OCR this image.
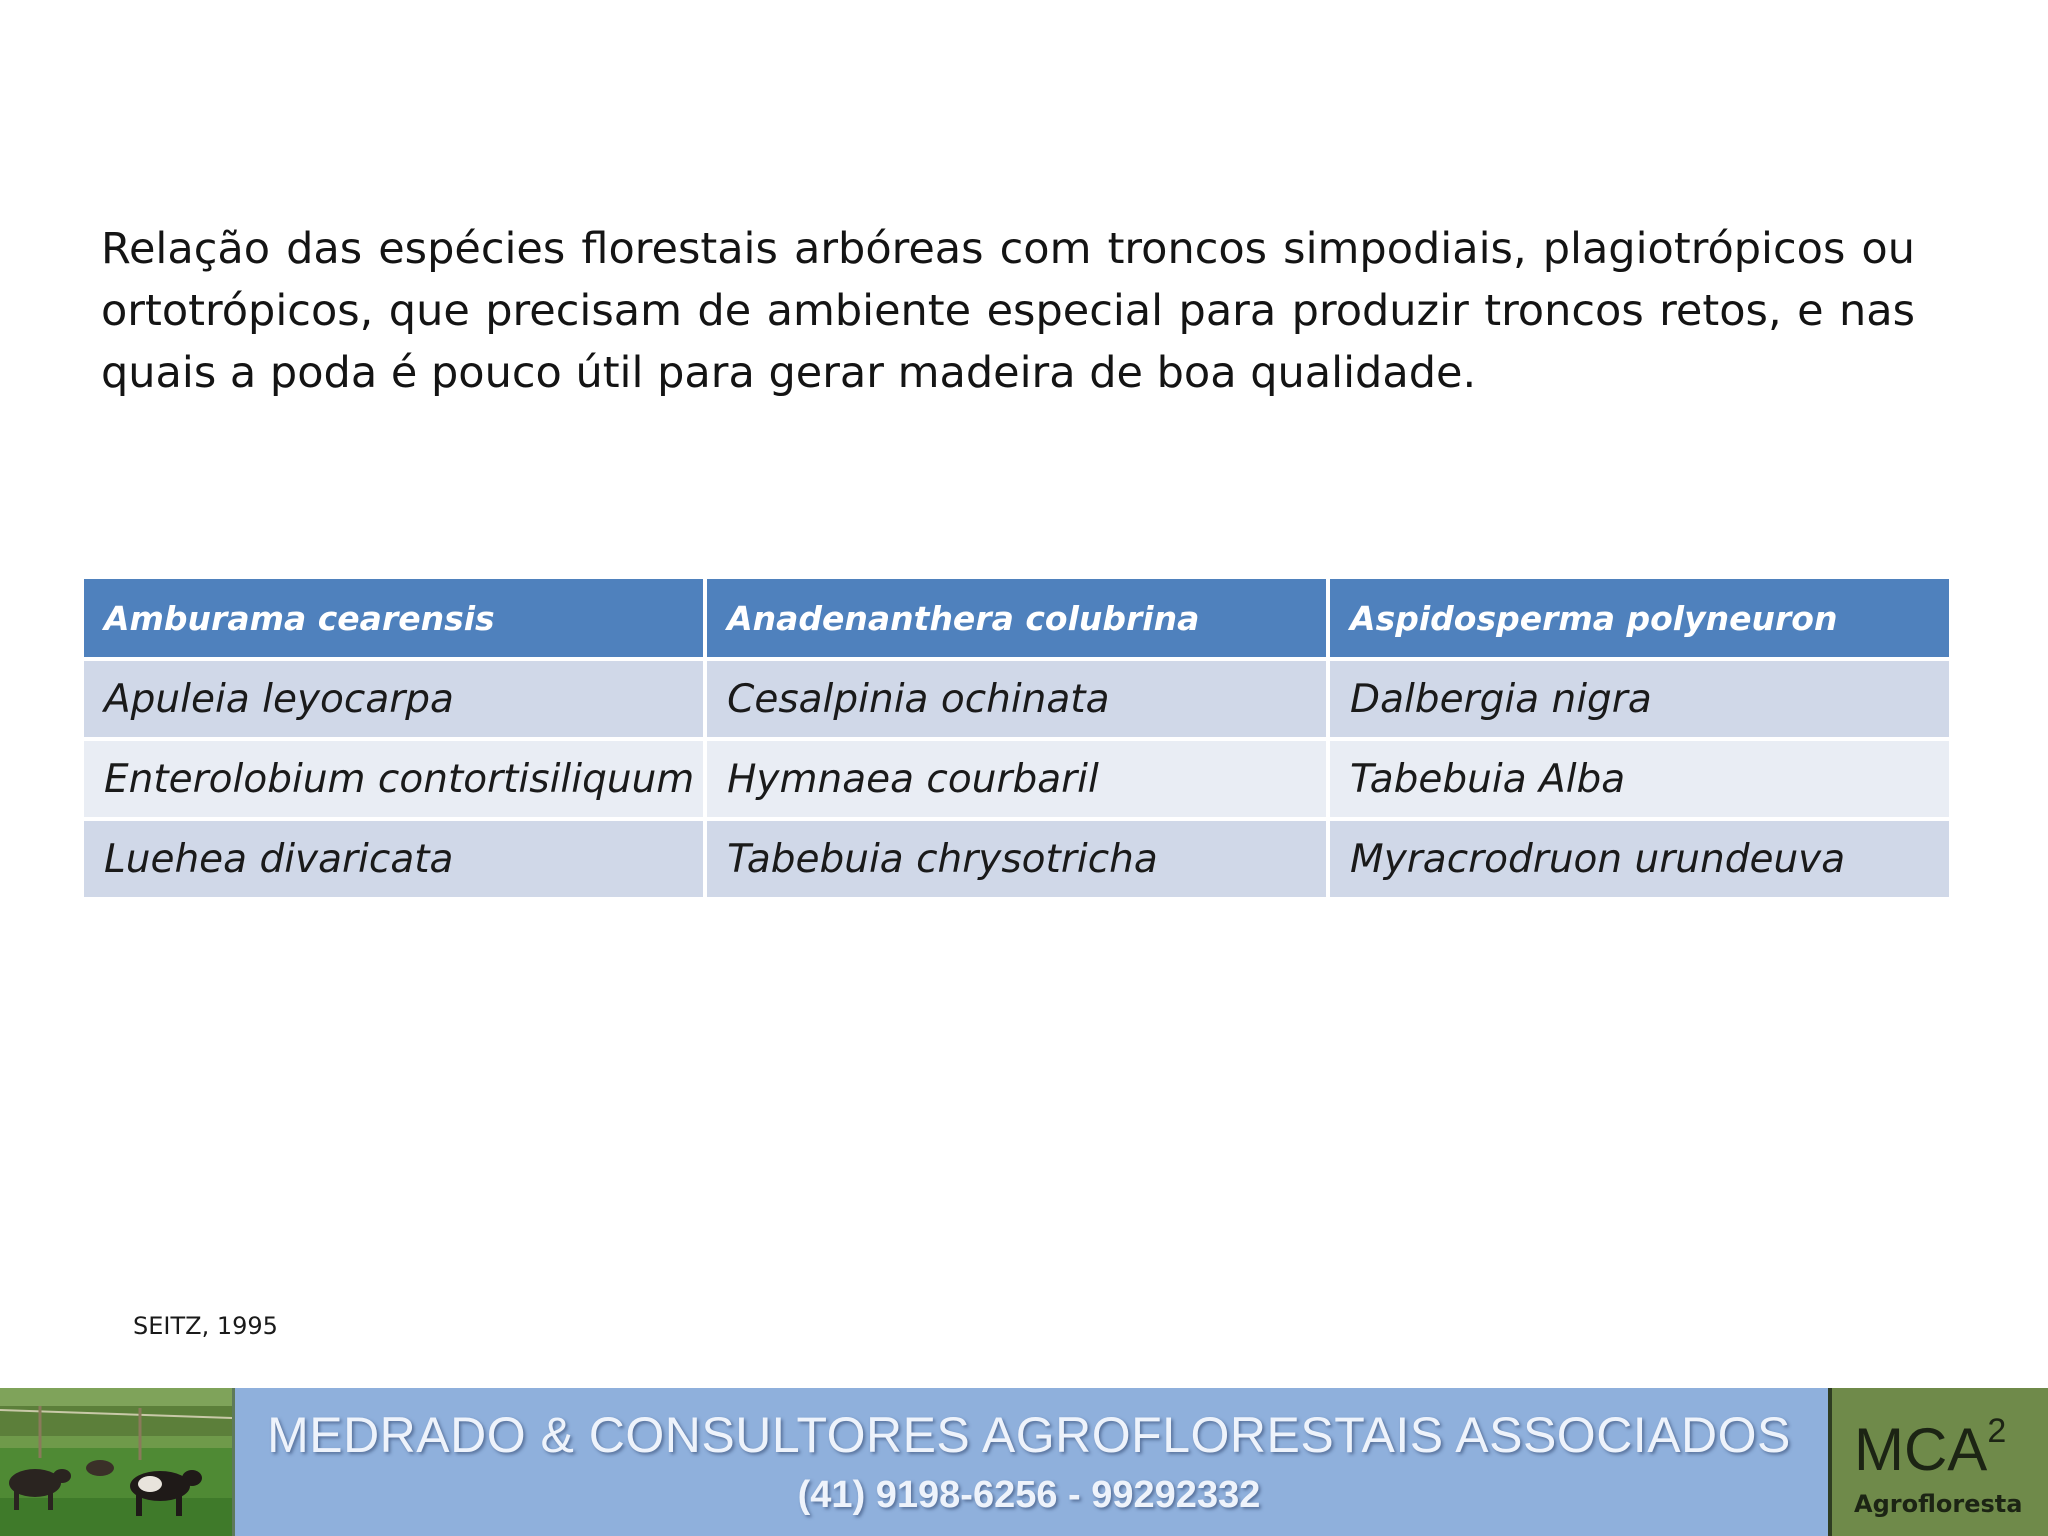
Relação das espécies florestais arbóreas com troncos simpodiais, plagiotrópicos ou ortotrópicos, que precisam de ambiente especial para produzir troncos retos, e nas quais a poda é pouco útil para gerar madeira de boa qualidade.

Amburama cearensis	Anadenanthera colubrina	Aspidosperma polyneuron
Apuleia leyocarpa	Cesalpinia ochinata	Dalbergia nigra
Enterolobium contortisiliquum	Hymnaea courbaril	Tabebuia Alba
Luehea divaricata	Tabebuia chrysotricha	Myracrodruon urundeuva
SEITZ, 1995
MEDRADO & CONSULTORES AGROFLORESTAIS ASSOCIADOS
(41) 9198-6256 - 99292332
MCA$^2$
Agrofloresta
